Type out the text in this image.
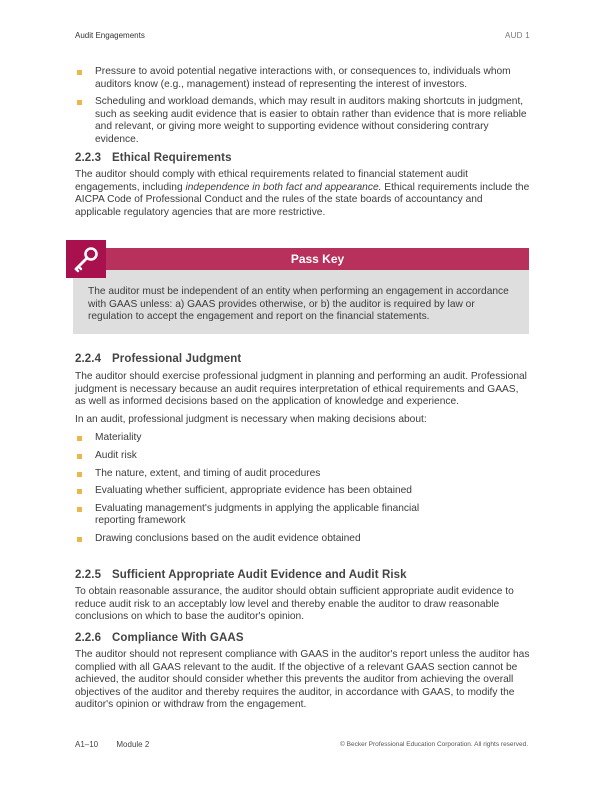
Audit Engagements	AUD 1
Pressure to avoid potential negative interactions with, or consequences to, individuals whom auditors know (e.g., management) instead of representing the interest of investors.
Scheduling and workload demands, which may result in auditors making shortcuts in judgment, such as seeking audit evidence that is easier to obtain rather than evidence that is more reliable and relevant, or giving more weight to supporting evidence without considering contrary evidence.
2.2.3 Ethical Requirements

The auditor should comply with ethical requirements related to financial statement audit engagements, including independence in both fact and appearance. Ethical requirements include the AICPA Code of Professional Conduct and the rules of the state boards of accountancy and applicable regulatory agencies that are more restrictive.

Pass Key
The auditor must be independent of an entity when performing an engagement in accordance with GAAS unless: a) GAAS provides otherwise, or b) the auditor is required by law or regulation to accept the engagement and report on the financial statements.
2.2.4 Professional Judgment

The auditor should exercise professional judgment in planning and performing an audit. Professional judgment is necessary because an audit requires interpretation of ethical requirements and GAAS, as well as informed decisions based on the application of knowledge and experience.

In an audit, professional judgment is necessary when making decisions about:

Materiality
Audit risk
The nature, extent, and timing of audit procedures
Evaluating whether sufficient, appropriate evidence has been obtained
Evaluating management's judgments in applying the applicable financial reporting framework
Drawing conclusions based on the audit evidence obtained
2.2.5 Sufficient Appropriate Audit Evidence and Audit Risk

To obtain reasonable assurance, the auditor should obtain sufficient appropriate audit evidence to reduce audit risk to an acceptably low level and thereby enable the auditor to draw reasonable conclusions on which to base the auditor's opinion.

2.2.6 Compliance With GAAS

The auditor should not represent compliance with GAAS in the auditor's report unless the auditor has complied with all GAAS relevant to the audit. If the objective of a relevant GAAS section cannot be achieved, the auditor should consider whether this prevents the auditor from achieving the overall objectives of the auditor and thereby requires the auditor, in accordance with GAAS, to modify the auditor's opinion or withdraw from the engagement.

A1–10 Module 2	© Becker Professional Education Corporation. All rights reserved.
